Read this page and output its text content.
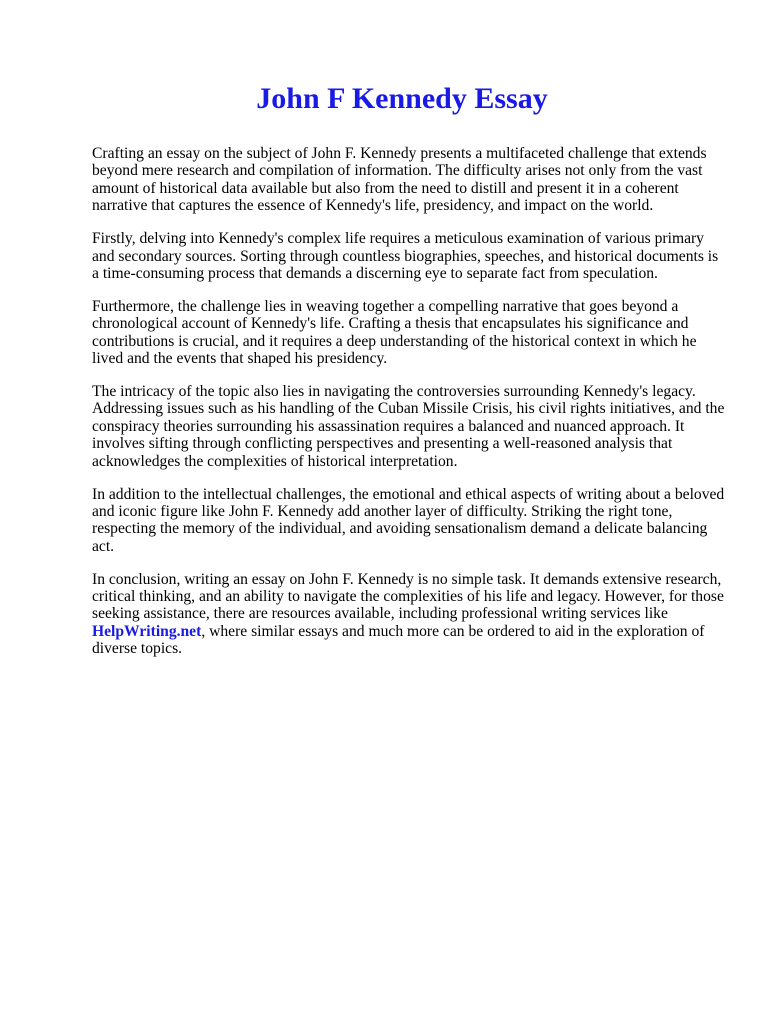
John F Kennedy Essay

Crafting an essay on the subject of John F. Kennedy presents a multifaceted challenge that extends beyond mere research and compilation of information. The difficulty arises not only from the vast amount of historical data available but also from the need to distill and present it in a coherent narrative that captures the essence of Kennedy's life, presidency, and impact on the world.

Firstly, delving into Kennedy's complex life requires a meticulous examination of various primary and secondary sources. Sorting through countless biographies, speeches, and historical documents is a time-consuming process that demands a discerning eye to separate fact from speculation.

Furthermore, the challenge lies in weaving together a compelling narrative that goes beyond a chronological account of Kennedy's life. Crafting a thesis that encapsulates his significance and contributions is crucial, and it requires a deep understanding of the historical context in which he lived and the events that shaped his presidency.

The intricacy of the topic also lies in navigating the controversies surrounding Kennedy's legacy. Addressing issues such as his handling of the Cuban Missile Crisis, his civil rights initiatives, and the conspiracy theories surrounding his assassination requires a balanced and nuanced approach. It involves sifting through conflicting perspectives and presenting a well-reasoned analysis that acknowledges the complexities of historical interpretation.

In addition to the intellectual challenges, the emotional and ethical aspects of writing about a beloved and iconic figure like John F. Kennedy add another layer of difficulty. Striking the right tone, respecting the memory of the individual, and avoiding sensationalism demand a delicate balancing act.

In conclusion, writing an essay on John F. Kennedy is no simple task. It demands extensive research, critical thinking, and an ability to navigate the complexities of his life and legacy. However, for those seeking assistance, there are resources available, including professional writing services like HelpWriting.net, where similar essays and much more can be ordered to aid in the exploration of diverse topics.
